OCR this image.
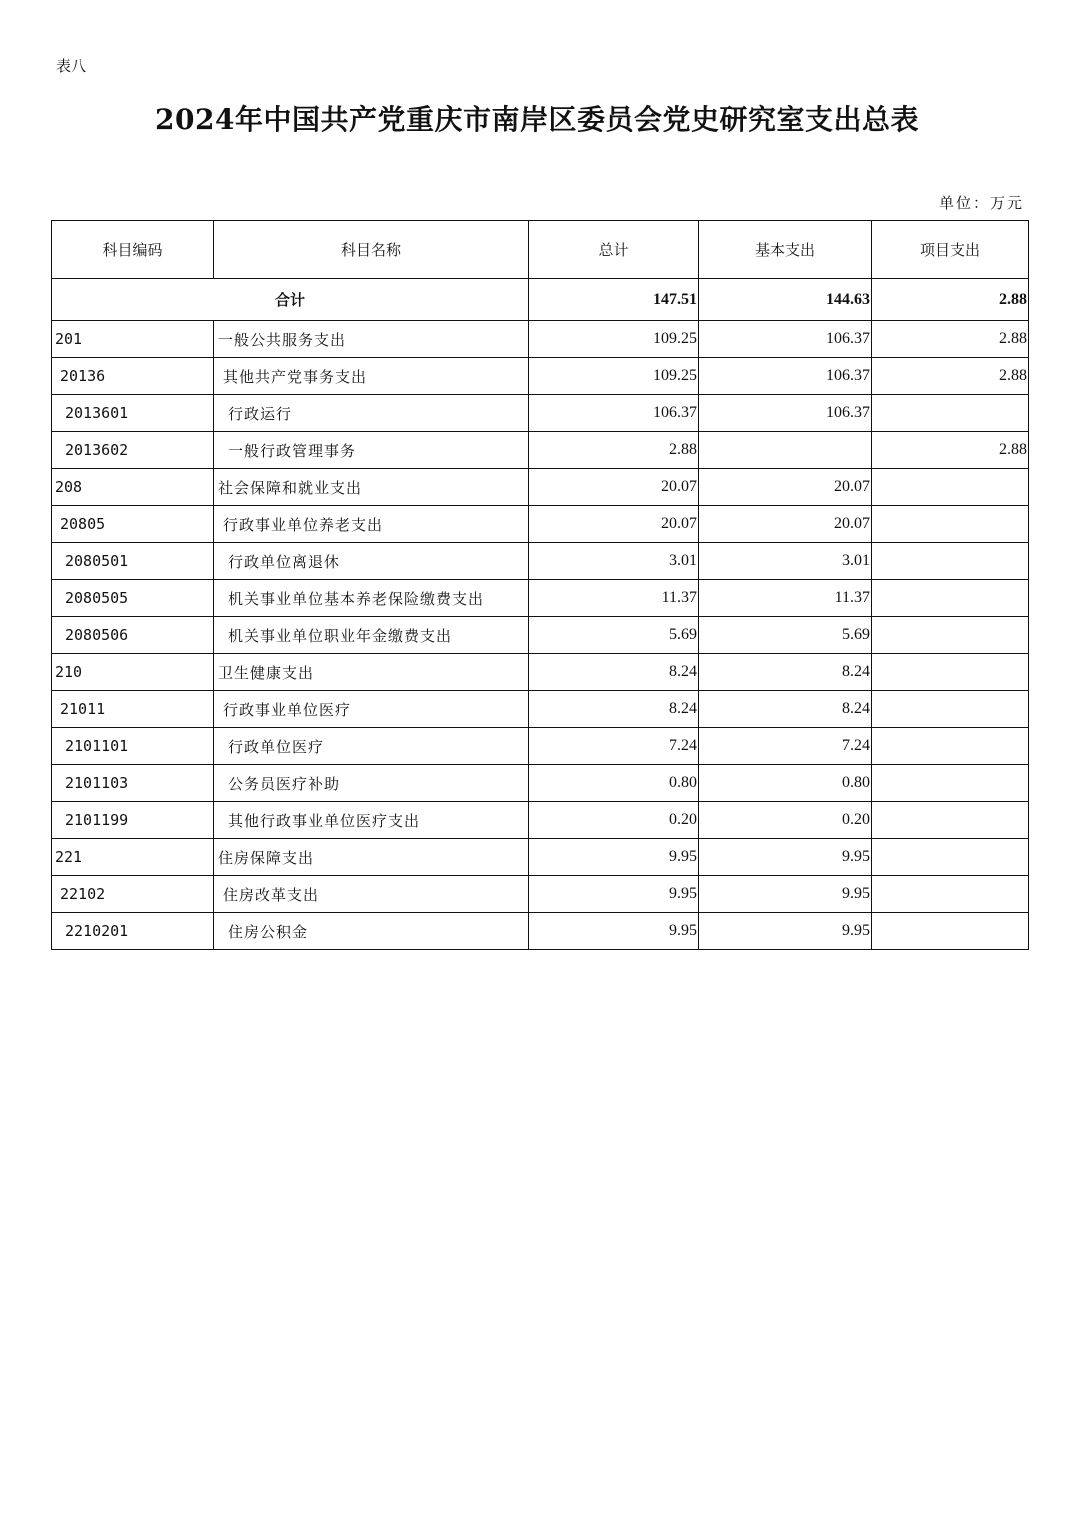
表八
2024年中国共产党重庆市南岸区委员会党史研究室支出总表
单位：万元
科目编码	科目名称	总计	基本支出	项目支出
合计		147.51	144.63	2.88
201	一般公共服务支出	109.25	106.37	2.88
20136	其他共产党事务支出	109.25	106.37	2.88
2013601	行政运行	106.37	106.37	
2013602	一般行政管理事务	2.88		2.88
208	社会保障和就业支出	20.07	20.07	
20805	行政事业单位养老支出	20.07	20.07	
2080501	行政单位离退休	3.01	3.01	
2080505	机关事业单位基本养老保险缴费支出	11.37	11.37	
2080506	机关事业单位职业年金缴费支出	5.69	5.69	
210	卫生健康支出	8.24	8.24	
21011	行政事业单位医疗	8.24	8.24	
2101101	行政单位医疗	7.24	7.24	
2101103	公务员医疗补助	0.80	0.80	
2101199	其他行政事业单位医疗支出	0.20	0.20	
221	住房保障支出	9.95	9.95	
22102	住房改革支出	9.95	9.95	
2210201	住房公积金	9.95	9.95	
